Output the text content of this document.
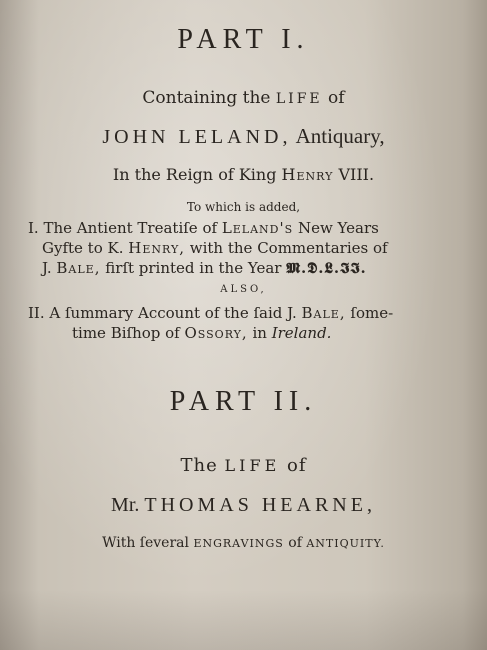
PART I.
Containing the LIFE of
JOHN LELAND, Antiquary,
In the Reign of King Henry VIII.
To which is added,
I. The Antient Treatiſe of Leland's New Years
Gyfte to K. Henry, with the Commentaries of
J. Bale, firſt printed in the Year 𝕸.𝕯.𝕷.𝕴𝕴.
ALSO,
II. A ſummary Account of the ſaid J. Bale, ſome-
time Biſhop of Ossory, in Ireland.
PART II.
The LIFE of
Mr. THOMAS HEARNE,
With ſeveral ENGRAVINGS of ANTIQUITY.
